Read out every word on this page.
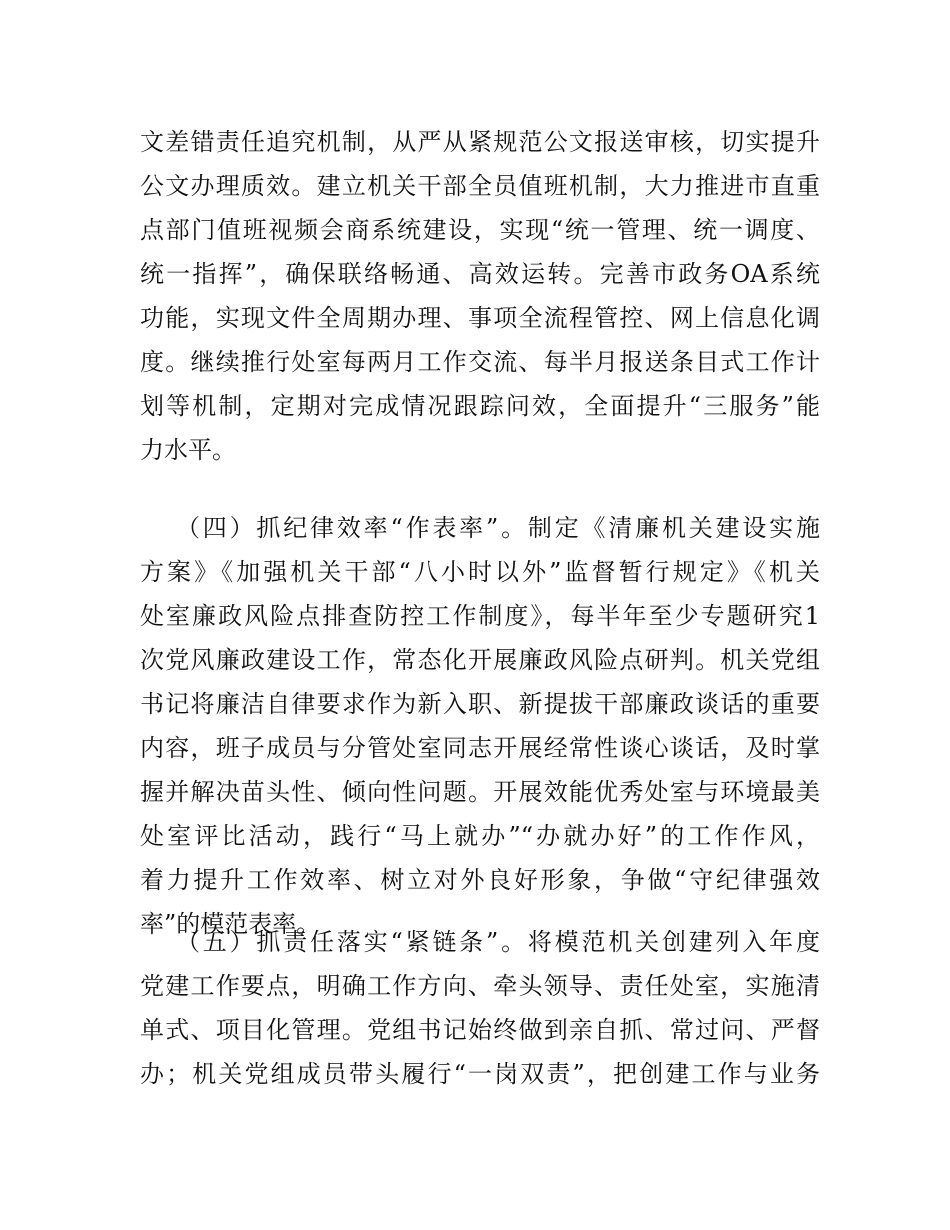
文差错责任追究机制，从严从紧规范公文报送审核，切实提升
公文办理质效。建立机关干部全员值班机制，大力推进市直重
点部门值班视频会商系统建设，实现“统一管理、统一调度、
统一指挥”，确保联络畅通、高效运转。完善市政务OA系统
功能，实现文件全周期办理、事项全流程管控、网上信息化调
度。继续推行处室每两月工作交流、每半月报送条目式工作计
划等机制，定期对完成情况跟踪问效，全面提升“三服务”能
力水平。
（四）抓纪律效率“作表率”。制定《清廉机关建设实施
方案》《加强机关干部“八小时以外”监督暂行规定》《机关
处室廉政风险点排查防控工作制度》，每半年至少专题研究1
次党风廉政建设工作，常态化开展廉政风险点研判。机关党组
书记将廉洁自律要求作为新入职、新提拔干部廉政谈话的重要
内容，班子成员与分管处室同志开展经常性谈心谈话，及时掌
握并解决苗头性、倾向性问题。开展效能优秀处室与环境最美
处室评比活动，践行“马上就办”“办就办好”的工作作风，
着力提升工作效率、树立对外良好形象，争做“守纪律强效
率”的模范表率。
（五）抓责任落实“紧链条”。将模范机关创建列入年度
党建工作要点，明确工作方向、牵头领导、责任处室，实施清
单式、项目化管理。党组书记始终做到亲自抓、常过问、严督
办；机关党组成员带头履行“一岗双责”，把创建工作与业务
